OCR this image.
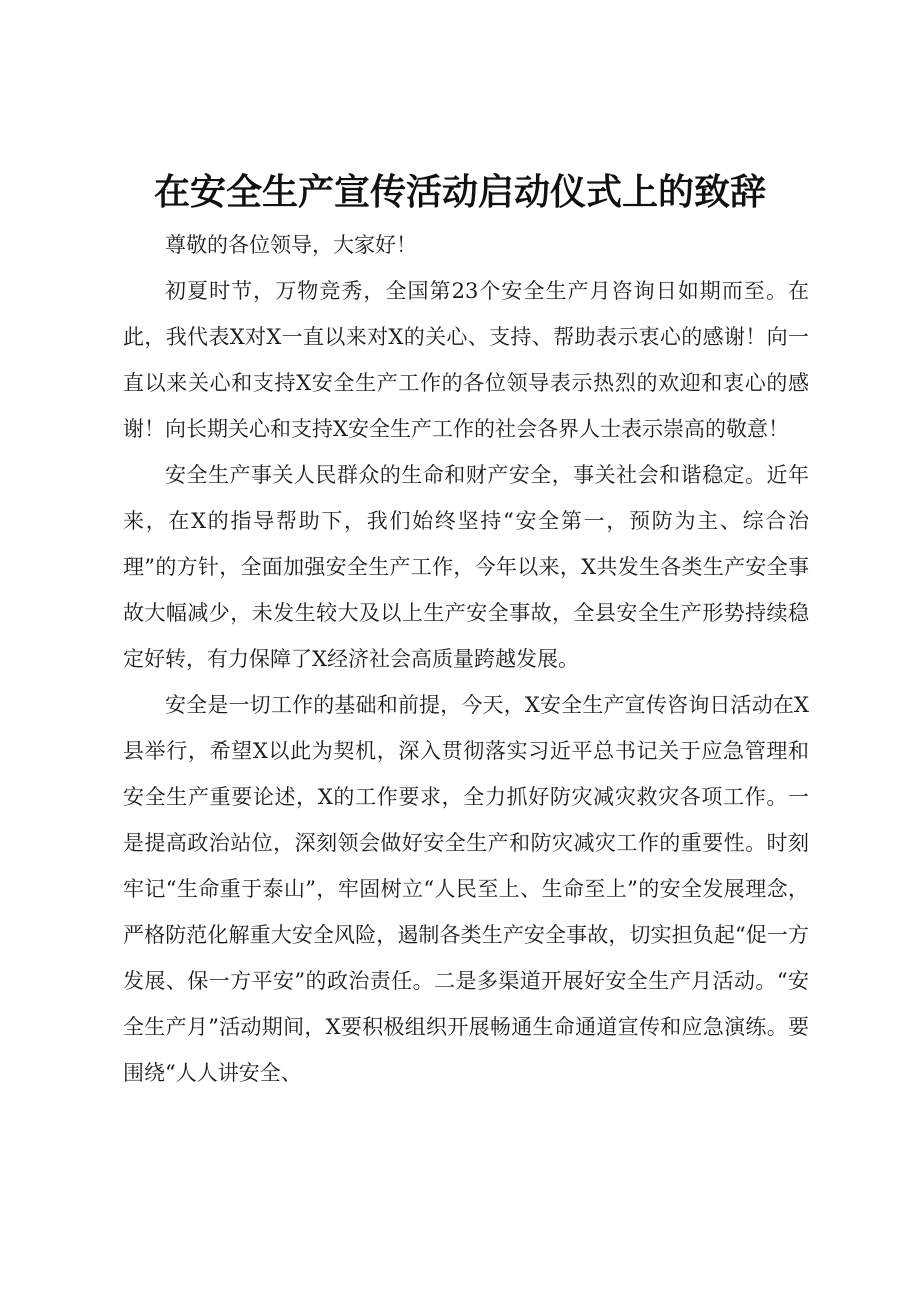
在安全生产宣传活动启动仪式上的致辞

尊敬的各位领导，大家好！

初夏时节，万物竞秀，全国第23个安全生产月咨询日如期而至。在此，我代表X对X一直以来对X的关心、支持、帮助表示衷心的感谢！向一直以来关心和支持X安全生产工作的各位领导表示热烈的欢迎和衷心的感谢！向长期关心和支持X安全生产工作的社会各界人士表示崇高的敬意！

安全生产事关人民群众的生命和财产安全，事关社会和谐稳定。近年来，在X的指导帮助下，我们始终坚持“安全第一，预防为主、综合治理”的方针，全面加强安全生产工作，今年以来，X共发生各类生产安全事故大幅减少，未发生较大及以上生产安全事故，全县安全生产形势持续稳定好转，有力保障了X经济社会高质量跨越发展。

安全是一切工作的基础和前提，今天，X安全生产宣传咨询日活动在X县举行，希望X以此为契机，深入贯彻落实习近平总书记关于应急管理和安全生产重要论述，X的工作要求，全力抓好防灾减灾救灾各项工作。一是提高政治站位，深刻领会做好安全生产和防灾减灾工作的重要性。时刻牢记“生命重于泰山”，牢固树立“人民至上、生命至上”的安全发展理念，严格防范化解重大安全风险，遏制各类生产安全事故，切实担负起“促一方发展、保一方平安”的政治责任。二是多渠道开展好安全生产月活动。“安全生产月”活动期间，X要积极组织开展畅通生命通道宣传和应急演练。要围绕“人人讲安全、
